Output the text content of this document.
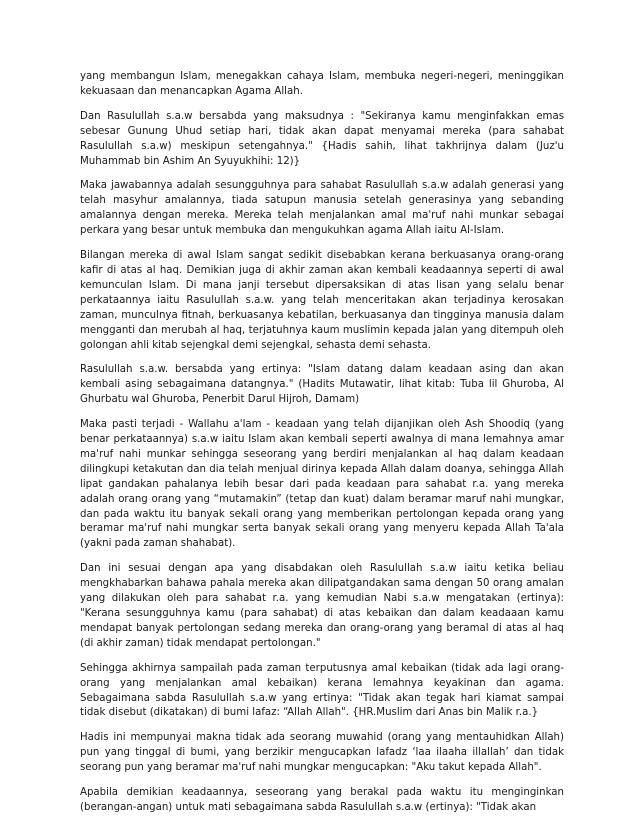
yang membangun Islam, menegakkan cahaya Islam, membuka negeri-negeri, meninggikan kekuasaan dan menancapkan Agama Allah.

Dan Rasulullah s.a.w bersabda yang maksudnya : "Sekiranya kamu menginfakkan emas sebesar Gunung Uhud setiap hari, tidak akan dapat menyamai mereka (para sahabat Rasulullah s.a.w) meskipun setengahnya." {Hadis sahih, lihat takhrijnya dalam (Juz'u Muhammab bin Ashim An Syuyukhihi: 12)}

Maka jawabannya adalah sesungguhnya para sahabat Rasulullah s.a.w adalah generasi yang telah masyhur amalannya, tiada satupun manusia setelah generasinya yang sebanding amalannya dengan mereka. Mereka telah menjalankan amal ma'ruf nahi munkar sebagai perkara yang besar untuk membuka dan mengukuhkan agama Allah iaitu Al-Islam.

Bilangan mereka di awal Islam sangat sedikit disebabkan kerana berkuasanya orang-orang kafir di atas al haq. Demikian juga di akhir zaman akan kembali keadaannya seperti di awal kemunculan Islam. Di mana janji tersebut dipersaksikan di atas lisan yang selalu benar perkataannya iaitu Rasulullah s.a.w. yang telah menceritakan akan terjadinya kerosakan zaman, munculnya fitnah, berkuasanya kebatilan, berkuasanya dan tingginya manusia dalam mengganti dan merubah al haq, terjatuhnya kaum muslimin kepada jalan yang ditempuh oleh golongan ahli kitab sejengkal demi sejengkal, sehasta demi sehasta.

Rasulullah s.a.w. bersabda yang ertinya: "Islam datang dalam keadaan asing dan akan kembali asing sebagaimana datangnya." (Hadits Mutawatir, lihat kitab: Tuba lil Ghuroba, Al Ghurbatu wal Ghuroba, Penerbit Darul Hijroh, Damam)

Maka pasti terjadi - Wallahu a'lam - keadaan yang telah dijanjikan oleh Ash Shoodiq (yang benar perkataannya) s.a.w iaitu Islam akan kembali seperti awalnya di mana lemahnya amar ma'ruf nahi munkar sehingga seseorang yang berdiri menjalankan al haq dalam keadaan dilingkupi ketakutan dan dia telah menjual dirinya kepada Allah dalam doanya, sehingga Allah lipat gandakan pahalanya lebih besar dari pada keadaan para sahabat r.a. yang mereka adalah orang orang yang “mutamakin” (tetap dan kuat) dalam beramar maruf nahi mungkar, dan pada waktu itu banyak sekali orang yang memberikan pertolongan kepada orang yang beramar ma'ruf nahi mungkar serta banyak sekali orang yang menyeru kepada Allah Ta'ala (yakni pada zaman shahabat).

Dan ini sesuai dengan apa yang disabdakan oleh Rasulullah s.a.w iaitu ketika beliau mengkhabarkan bahawa pahala mereka akan dilipatgandakan sama dengan 50 orang amalan yang dilakukan oleh para sahabat r.a. yang kemudian Nabi s.a.w mengatakan (ertinya): "Kerana sesungguhnya kamu (para sahabat) di atas kebaikan dan dalam keadaaan kamu mendapat banyak pertolongan sedang mereka dan orang-orang yang beramal di atas al haq (di akhir zaman) tidak mendapat pertolongan."

Sehingga akhirnya sampailah pada zaman terputusnya amal kebaikan (tidak ada lagi orang-orang yang menjalankan amal kebaikan) kerana lemahnya keyakinan dan agama. Sebagaimana sabda Rasulullah s.a.w yang ertinya: "Tidak akan tegak hari kiamat sampai tidak disebut (dikatakan) di bumi lafaz: “Allah Allah". {HR.Muslim dari Anas bin Malik r.a.}

Hadis ini mempunyai makna tidak ada seorang muwahid (orang yang mentauhidkan Allah) pun yang tinggal di bumi, yang berzikir mengucapkan lafadz ‘laa ilaaha illallah’ dan tidak seorang pun yang beramar ma'ruf nahi mungkar mengucapkan: "Aku takut kepada Allah".

Apabila demikian keadaannya, seseorang yang berakal pada waktu itu menginginkan (berangan-angan) untuk mati sebagaimana sabda Rasulullah s.a.w (ertinya): "Tidak akan
